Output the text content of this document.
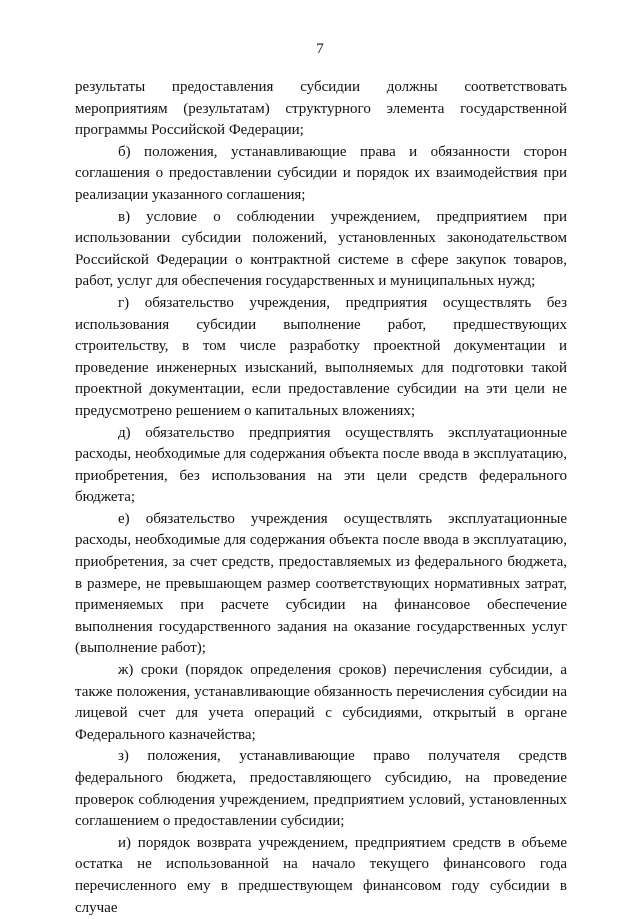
7

результаты предоставления субсидии должны соответствовать мероприятиям (результатам) структурного элемента государственной программы Российской Федерации;

б) положения, устанавливающие права и обязанности сторон соглашения о предоставлении субсидии и порядок их взаимодействия при реализации указанного соглашения;

в) условие о соблюдении учреждением, предприятием при использовании субсидии положений, установленных законодательством Российской Федерации о контрактной системе в сфере закупок товаров, работ, услуг для обеспечения государственных и муниципальных нужд;

г) обязательство учреждения, предприятия осуществлять без использования субсидии выполнение работ, предшествующих строительству, в том числе разработку проектной документации и проведение инженерных изысканий, выполняемых для подготовки такой проектной документации, если предоставление субсидии на эти цели не предусмотрено решением о капитальных вложениях;

д) обязательство предприятия осуществлять эксплуатационные расходы, необходимые для содержания объекта после ввода в эксплуатацию, приобретения, без использования на эти цели средств федерального бюджета;

е) обязательство учреждения осуществлять эксплуатационные расходы, необходимые для содержания объекта после ввода в эксплуатацию, приобретения, за счет средств, предоставляемых из федерального бюджета, в размере, не превышающем размер соответствующих нормативных затрат, применяемых при расчете субсидии на финансовое обеспечение выполнения государственного задания на оказание государственных услуг (выполнение работ);

ж) сроки (порядок определения сроков) перечисления субсидии, а также положения, устанавливающие обязанность перечисления субсидии на лицевой счет для учета операций с субсидиями, открытый в органе Федерального казначейства;

з) положения, устанавливающие право получателя средств федерального бюджета, предоставляющего субсидию, на проведение проверок соблюдения учреждением, предприятием условий, установленных соглашением о предоставлении субсидии;

и) порядок возврата учреждением, предприятием средств в объеме остатка не использованной на начало текущего финансового года перечисленного ему в предшествующем финансовом году субсидии в случае
